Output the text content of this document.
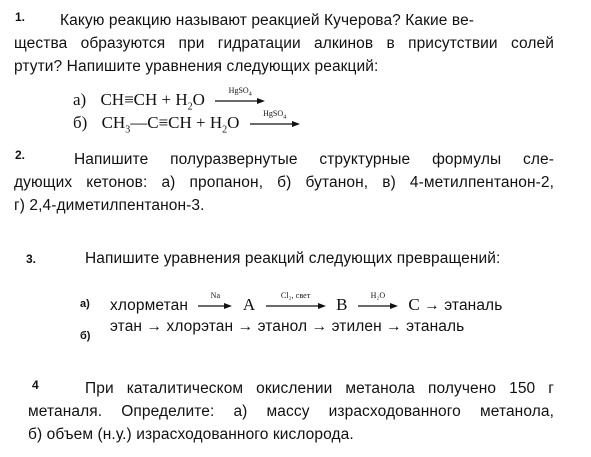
1. Какую реакцию называют реакцией Кучерова? Какие ве-
щества образуются при гидратации алкинов в присутствии солей
ртути? Напишите уравнения следующих реакций:
а) $CH\equiv CH + H_2O$	HgSO$_4$
б) $CH_3—C\equiv CH + H_2O$	HgSO$_4$
2.	Напишите полуразвернутые структурные формулы сле-
дующих кетонов: а) пропанон, б) бутанон, в) 4-метилпентанон-2,
г) 2,4-диметилпентанон-3.
3.	Напишите уравнения реакций следующих превращений:
а) хлорметан
Na	A	Cl₂, свет	B	H₂O	C → этаналь
этан → хлорэтан → этанол → этилен → этаналь
б)
4	При каталитическом окислении метанола получено 150 г
метаналя. Определите: а) массу израсходованного метанола,
б) объем (н.у.) израсходованного кислорода.
